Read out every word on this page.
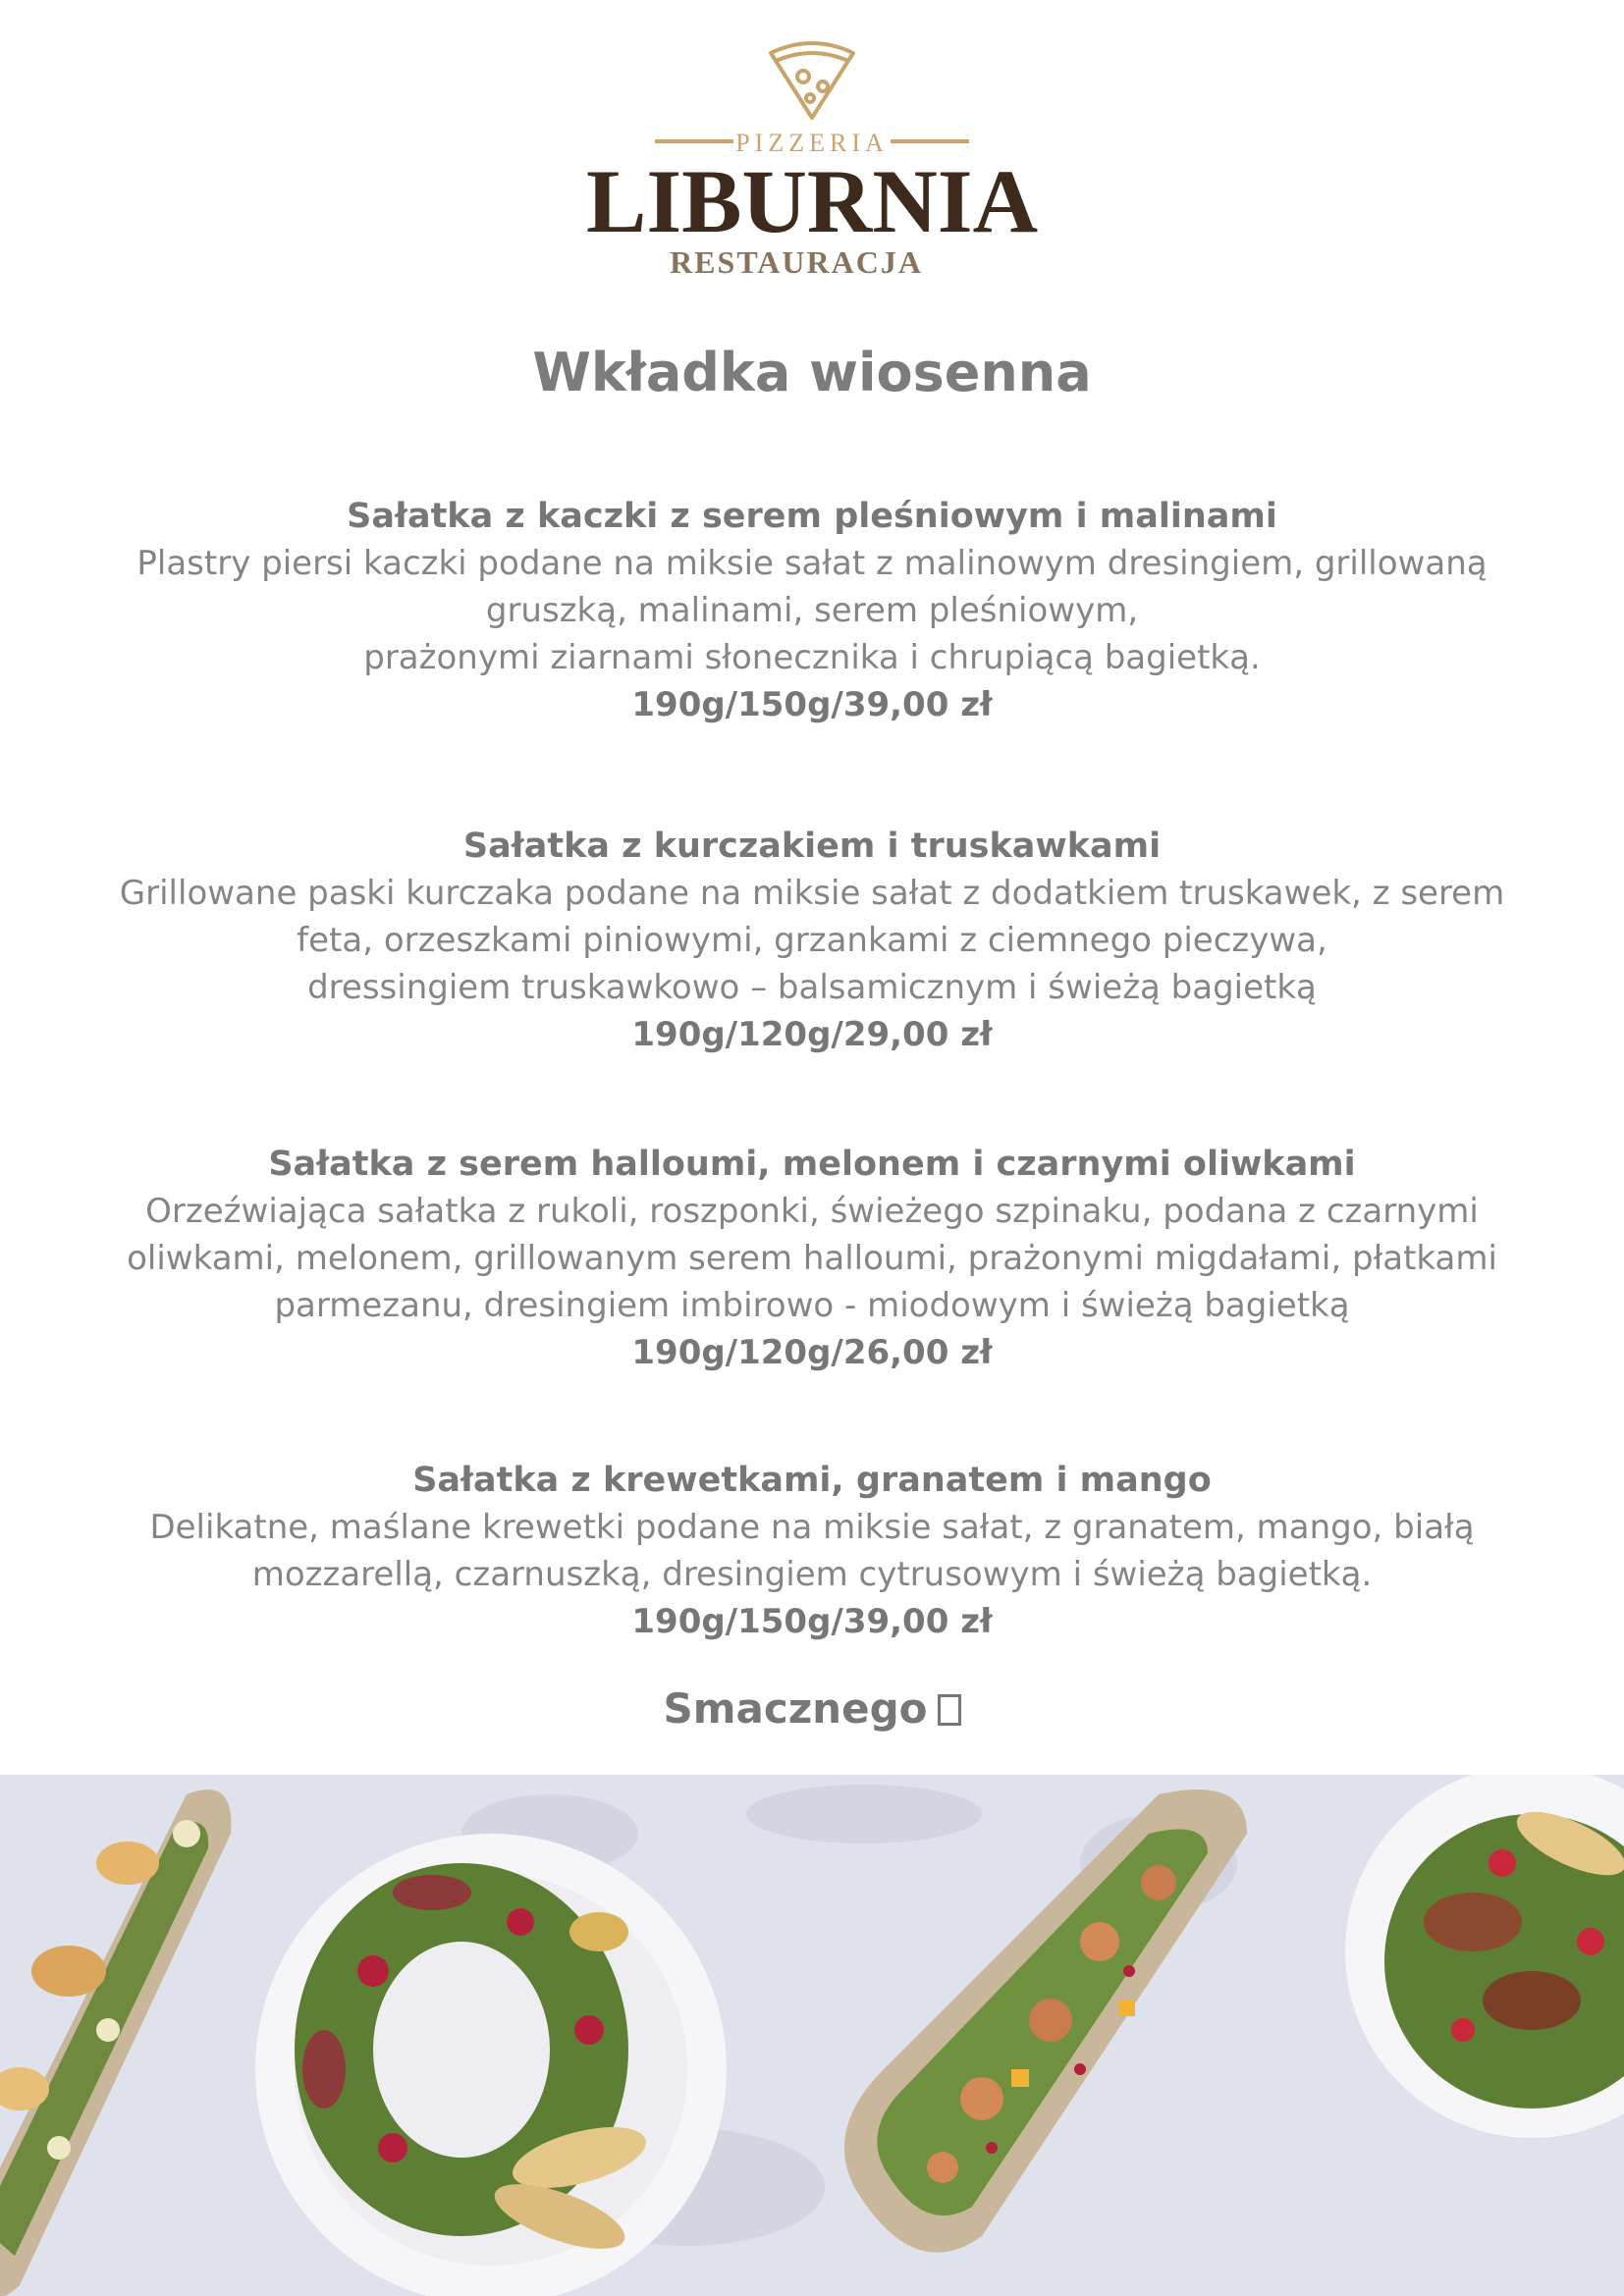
PIZZERIA
LIBURNIA
RESTAURACJA
Wkładka wiosenna
Sałatka z kaczki z serem pleśniowym i malinami
Plastry piersi kaczki podane na miksie sałat z malinowym dresingiem, grillowaną
gruszką, malinami, serem pleśniowym,
prażonymi ziarnami słonecznika i chrupiącą bagietką.
190g/150g/39,00 zł
Sałatka z kurczakiem i truskawkami
Grillowane paski kurczaka podane na miksie sałat z dodatkiem truskawek, z serem
feta, orzeszkami piniowymi, grzankami z ciemnego pieczywa,
dressingiem truskawkowo – balsamicznym i świeżą bagietką
190g/120g/29,00 zł
Sałatka z serem halloumi, melonem i czarnymi oliwkami
Orzeźwiająca sałatka z rukoli, roszponki, świeżego szpinaku, podana z czarnymi
oliwkami, melonem, grillowanym serem halloumi, prażonymi migdałami, płatkami
parmezanu, dresingiem imbirowo - miodowym i świeżą bagietką
190g/120g/26,00 zł
Sałatka z krewetkami, granatem i mango
Delikatne, maślane krewetki podane na miksie sałat, z granatem, mango, białą
mozzarellą, czarnuszką, dresingiem cytrusowym i świeżą bagietką.
190g/150g/39,00 zł
Smacznego
